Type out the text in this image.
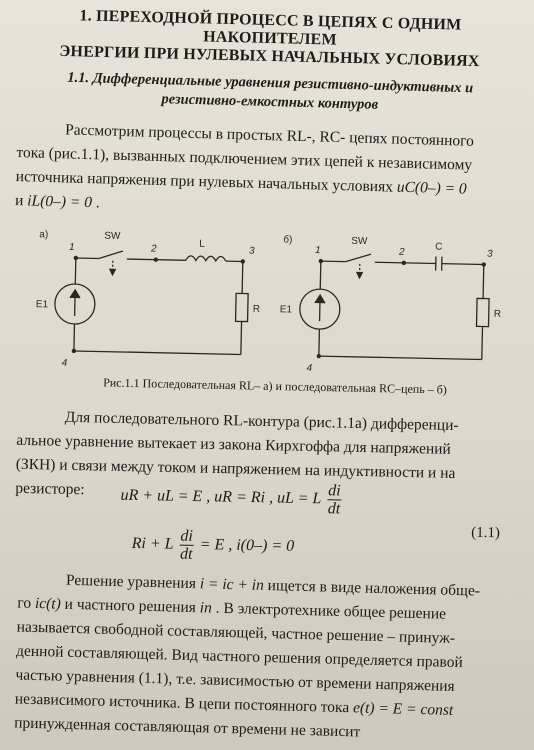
1. ПЕРЕХОДНОЙ ПРОЦЕСС В ЦЕПЯХ С ОДНИМ НАКОПИТЕЛЕМ
ЭНЕРГИИ ПРИ НУЛЕВЫХ НАЧАЛЬНЫХ УСЛОВИЯХ
1.1. Дифференциальные уравнения резистивно-индуктивных и
резистивно-емкостных контуров
Рассмотрим процессы в простых RL-, RC- цепях постоянного
тока (рис.1.1), вызванных подключением этих цепей к независимому
источника напряжения при нулевых начальных условиях uC(0–) = 0
и iL(0–) = 0 .
а)	б)
SW	SW
L	C
R	R
E1	E1
1	2	3
4
1	2	3
4
Рис.1.1 Последовательная RL– а) и последовательная RC–цепь – б)
Для последовательного RL-контура (рис.1.1а) дифференци-
альное уравнение вытекает из закона Кирхгоффа для напряжений
(ЗКН) и связи между током и напряжением на индуктивности и на
резисторе:	uR + uL = E , uR = Ri , uL = L $\frac{di}{dt}$
Ri + L $\frac{di}{dt} = E$ , i(0–) = 0
(1.1)
Решение уравнения i = iс + iп ищется в виде наложения обще-
го iс(t) и частного решения iп . В электротехнике общее решение
называется свободной составляющей, частное решение – принуж-
денной составляющей. Вид частного решения определяется правой
частью уравнения (1.1), т.е. зависимостью от времени напряжения
независимого источника. В цепи постоянного тока e(t) = E = const
принужденная составляющая от времени не зависит
